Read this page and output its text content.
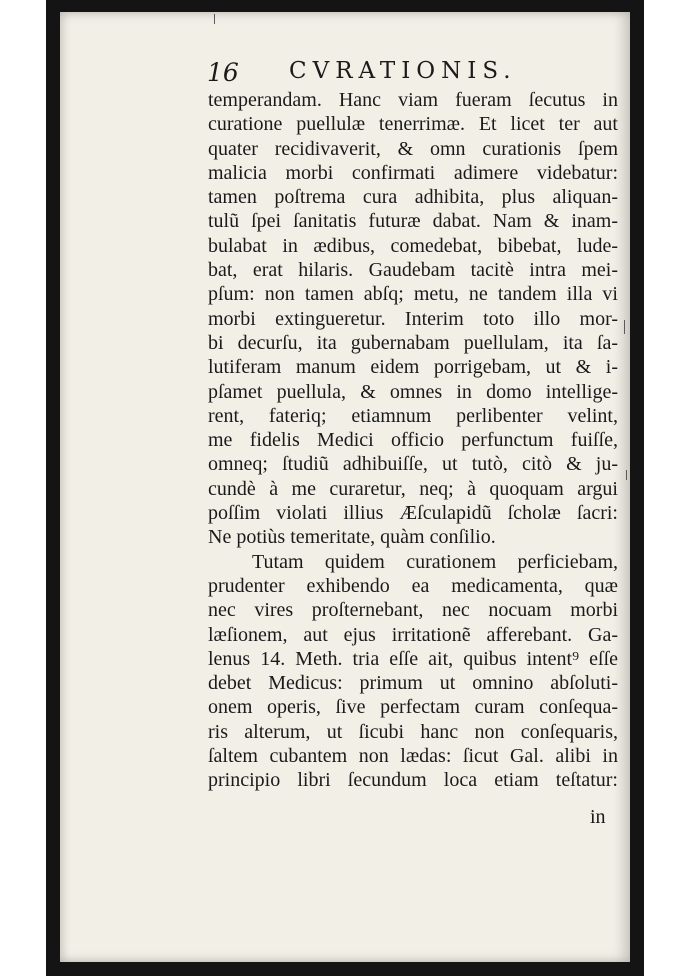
16 CVRATIONIS.
temperandam. Hanc viam fueram ſecutus in
curatione puellulæ tenerrimæ. Et licet ter aut
quater recidivaverit, & omn curationis ſpem
malicia morbi confirmati adimere videbatur:
tamen poſtrema cura adhibita, plus aliquan-
tulũ ſpei ſanitatis futuræ dabat. Nam & inam-
bulabat in ædibus, comedebat, bibebat, lude-
bat, erat hilaris. Gaudebam tacitè intra mei-
pſum: non tamen abſq; metu, ne tandem illa vi
morbi extingueretur. Interim toto illo mor-
bi decurſu, ita gubernabam puellulam, ita ſa-
lutiferam manum eidem porrigebam, ut & i-
pſamet puellula, & omnes in domo intellige-
rent, fateriq; etiamnum perlibenter velint,
me fidelis Medici officio perfunctum fuiſſe,
omneq; ſtudiũ adhibuiſſe, ut tutò, citò & ju-
cundè à me curaretur, neq; à quoquam argui
poſſim violati illius Æſculapidũ ſcholæ ſacri:
Ne potiùs temeritate, quàm conſilio.
Tutam quidem curationem perficiebam,
prudenter exhibendo ea medicamenta, quæ
nec vires proſternebant, nec nocuam morbi
læſionem, aut ejus irritationẽ afferebant. Ga-
lenus 14. Meth. tria eſſe ait, quibus intent⁹ eſſe
debet Medicus: primum ut omnino abſoluti-
onem operis, ſive perfectam curam conſequa-
ris alterum, ut ſicubi hanc non conſequaris,
ſaltem cubantem non lædas: ſicut Gal. alibi in
principio libri ſecundum loca etiam teſtatur:
in
